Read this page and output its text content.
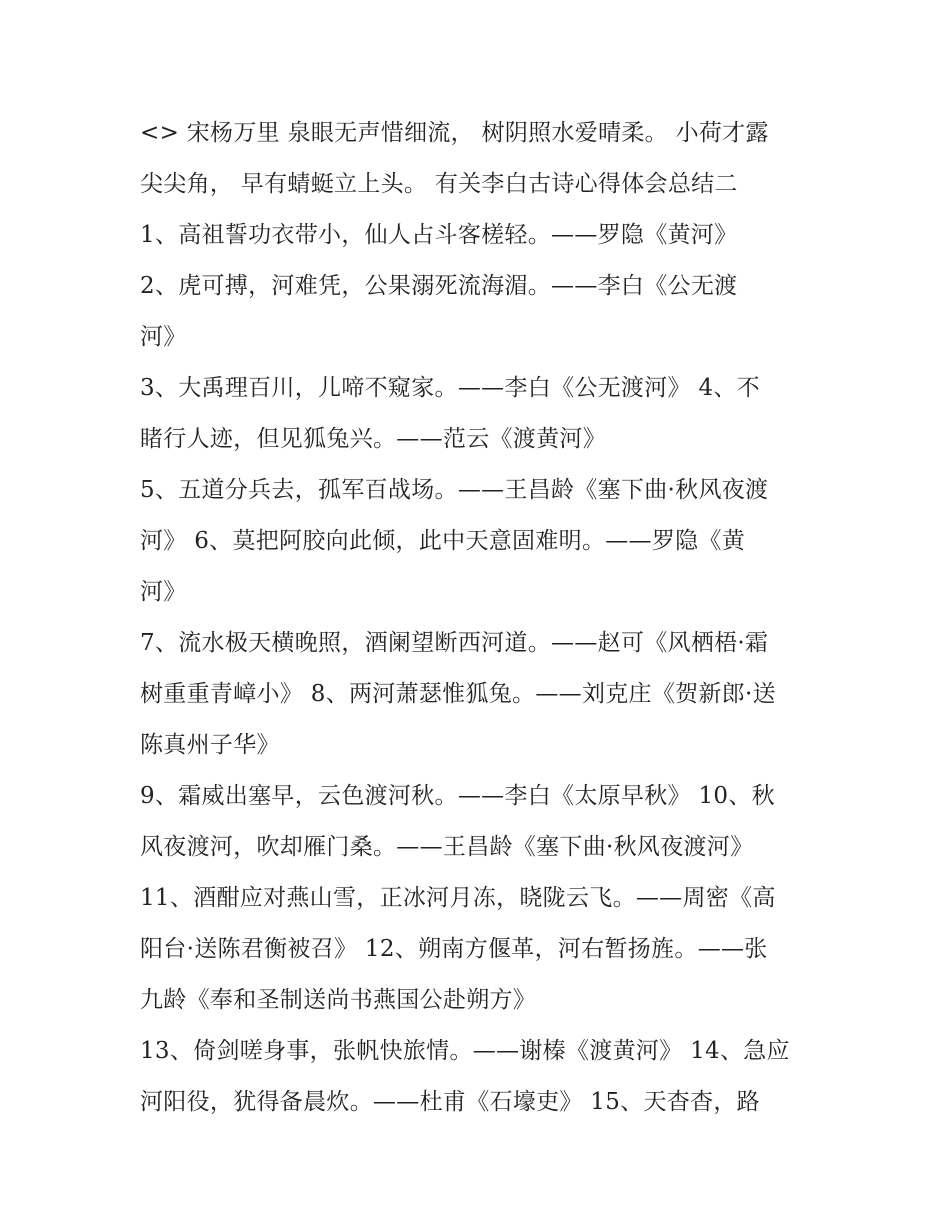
<> 宋杨万里 泉眼无声惜细流， 树阴照水爱晴柔。 小荷才露
尖尖角， 早有蜻蜓立上头。 有关李白古诗心得体会总结二
1、高祖誓功衣带小，仙人占斗客槎轻。——罗隐《黄河》
2、虎可搏，河难凭，公果溺死流海湄。——李白《公无渡
河》
3、大禹理百川，儿啼不窥家。——李白《公无渡河》 4、不
睹行人迹，但见狐兔兴。——范云《渡黄河》
5、五道分兵去，孤军百战场。——王昌龄《塞下曲·秋风夜渡
河》 6、莫把阿胶向此倾，此中天意固难明。——罗隐《黄
河》
7、流水极天横晚照，酒阑望断西河道。——赵可《风栖梧·霜
树重重青嶂小》 8、两河萧瑟惟狐兔。——刘克庄《贺新郎·送
陈真州子华》
9、霜威出塞早，云色渡河秋。——李白《太原早秋》 10、秋
风夜渡河，吹却雁门桑。——王昌龄《塞下曲·秋风夜渡河》
11、酒酣应对燕山雪，正冰河月冻，晓陇云飞。——周密《高
阳台·送陈君衡被召》 12、朔南方偃革，河右暂扬旌。——张
九龄《奉和圣制送尚书燕国公赴朔方》
13、倚剑嗟身事，张帆快旅情。——谢榛《渡黄河》 14、急应
河阳役，犹得备晨炊。——杜甫《石壕吏》 15、天杳杳，路
